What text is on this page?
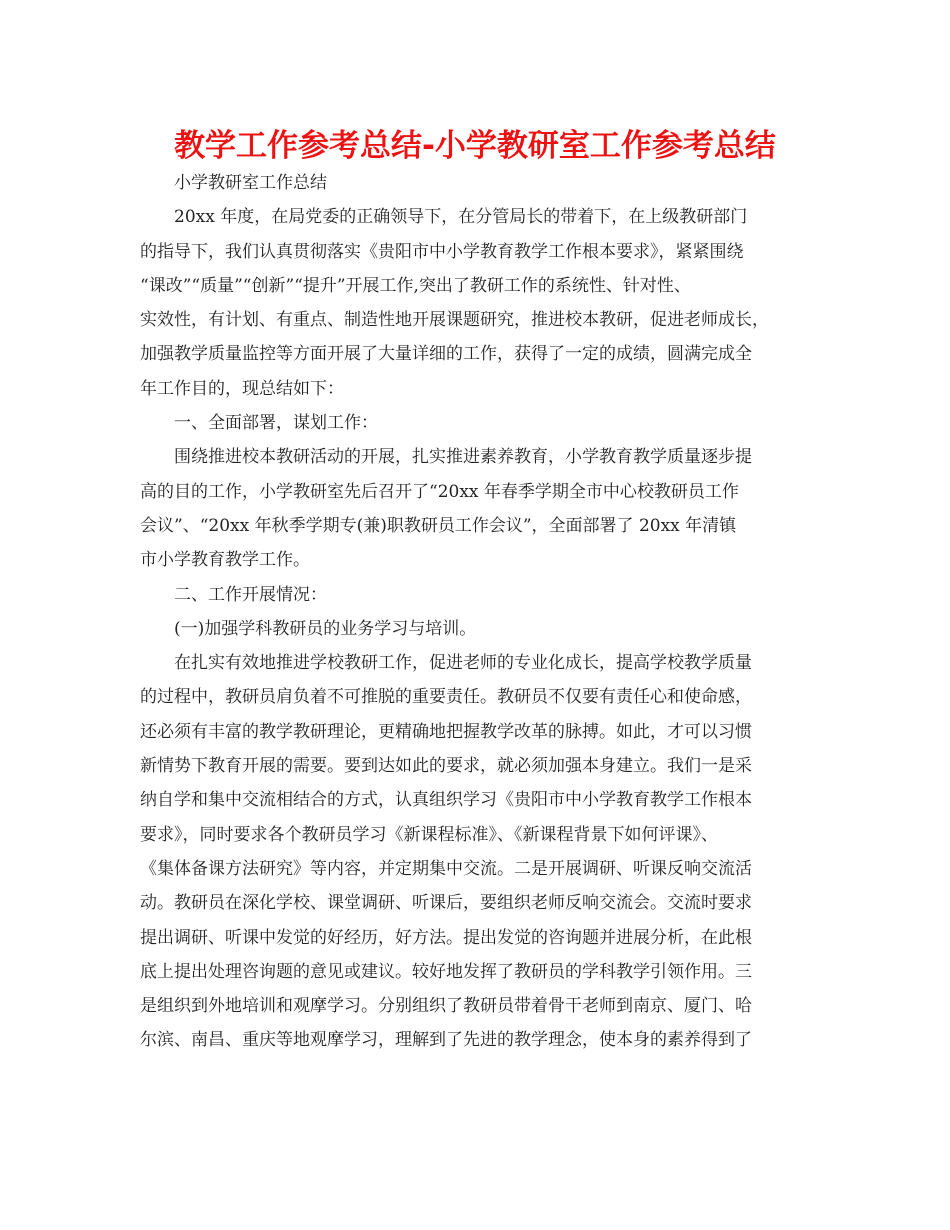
教学工作参考总结-小学教研室工作参考总结
小学教研室工作总结
20xx 年度，在局党委的正确领导下，在分管局长的带着下，在上级教研部门
的指导下，我们认真贯彻落实《贵阳市中小学教育教学工作根本要求》，紧紧围绕
“课改”“质量”“创新”“提升”开展工作,突出了教研工作的系统性、针对性、
实效性，有计划、有重点、制造性地开展课题研究，推进校本教研，促进老师成长，
加强教学质量监控等方面开展了大量详细的工作，获得了一定的成绩，圆满完成全
年工作目的，现总结如下：
一、全面部署，谋划工作：
围绕推进校本教研活动的开展，扎实推进素养教育，小学教育教学质量逐步提
高的目的工作，小学教研室先后召开了“20xx 年春季学期全市中心校教研员工作
会议”、“20xx 年秋季学期专(兼)职教研员工作会议”，全面部署了 20xx 年清镇
市小学教育教学工作。
二、工作开展情况：
(一)加强学科教研员的业务学习与培训。
在扎实有效地推进学校教研工作，促进老师的专业化成长，提高学校教学质量
的过程中，教研员肩负着不可推脱的重要责任。教研员不仅要有责任心和使命感，
还必须有丰富的教学教研理论，更精确地把握教学改革的脉搏。如此，才可以习惯
新情势下教育开展的需要。要到达如此的要求，就必须加强本身建立。我们一是采
纳自学和集中交流相结合的方式，认真组织学习《贵阳市中小学教育教学工作根本
要求》，同时要求各个教研员学习《新课程标准》、《新课程背景下如何评课》、
《集体备课方法研究》等内容，并定期集中交流。二是开展调研、听课反响交流活
动。教研员在深化学校、课堂调研、听课后，要组织老师反响交流会。交流时要求
提出调研、听课中发觉的好经历，好方法。提出发觉的咨询题并进展分析，在此根
底上提出处理咨询题的意见或建议。较好地发挥了教研员的学科教学引领作用。三
是组织到外地培训和观摩学习。分别组织了教研员带着骨干老师到南京、厦门、哈
尔滨、南昌、重庆等地观摩学习，理解到了先进的教学理念，使本身的素养得到了
